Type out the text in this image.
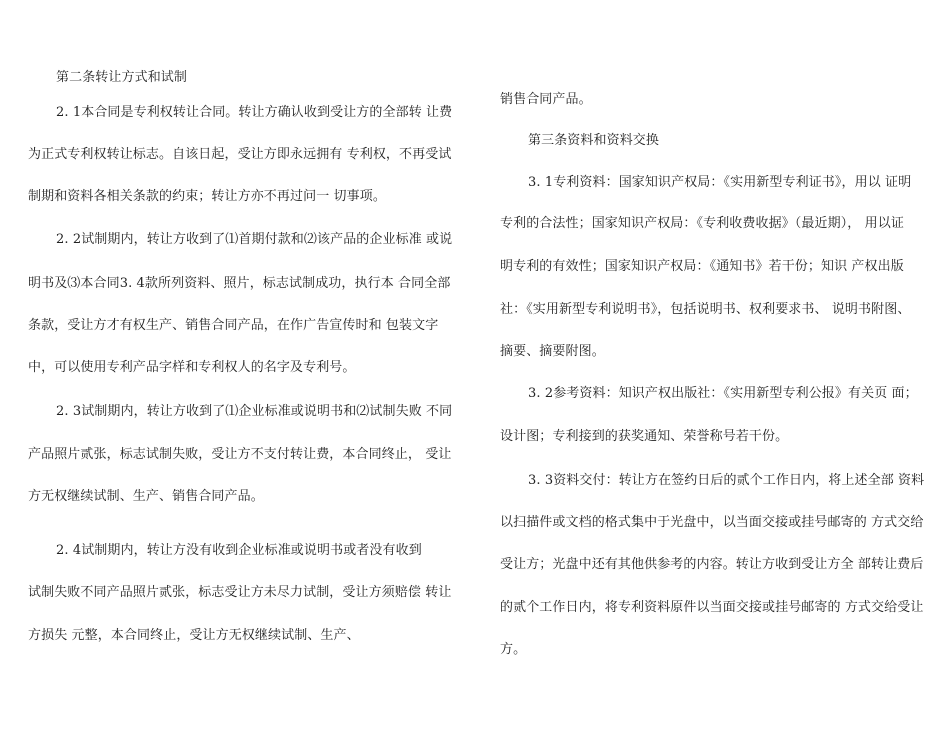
第二条转让方式和试制
2. 1本合同是专利权转让合同。转让方确认收到受让方的全部转 让费
为正式专利权转让标志。自该日起，受让方即永远拥有 专利权，不再受试
制期和资料各相关条款的约束；转让方亦不再过问一 切事项。
2. 2试制期内，转让方收到了⑴首期付款和⑵该产品的企业标准 或说
明书及⑶本合同3. 4款所列资料、照片，标志试制成功，执行本 合同全部
条款，受让方才有权生产、销售合同产品，在作广告宣传时和 包装文字
中，可以使用专利产品字样和专利权人的名字及专利号。
2. 3试制期内，转让方收到了⑴企业标准或说明书和⑵试制失败 不同
产品照片贰张，标志试制失败，受让方不支付转让费，本合同终止， 受让
方无权继续试制、生产、销售合同产品。
2. 4试制期内，转让方没有收到企业标准或说明书或者没有收到
试制失败不同产品照片贰张，标志受让方未尽力试制，受让方须赔偿 转让
方损失 元整，本合同终止，受让方无权继续试制、生产、
销售合同产品。
第三条资料和资料交换
3. 1专利资料：国家知识产权局：《实用新型专利证书》，用以 证明
专利的合法性；国家知识产权局：《专利收费收据》（最近期）， 用以证
明专利的有效性；国家知识产权局：《通知书》若干份；知识 产权出版
社：《实用新型专利说明书》，包括说明书、权利要求书、 说明书附图、
摘要、摘要附图。
3. 2参考资料：知识产权出版社：《实用新型专利公报》有关页 面；
设计图；专利接到的获奖通知、荣誉称号若干份。
3. 3资料交付：转让方在签约日后的贰个工作日内，将上述全部 资料
以扫描件或文档的格式集中于光盘中，以当面交接或挂号邮寄的 方式交给
受让方；光盘中还有其他供参考的内容。转让方收到受让方全 部转让费后
的贰个工作日内，将专利资料原件以当面交接或挂号邮寄的 方式交给受让
方。
